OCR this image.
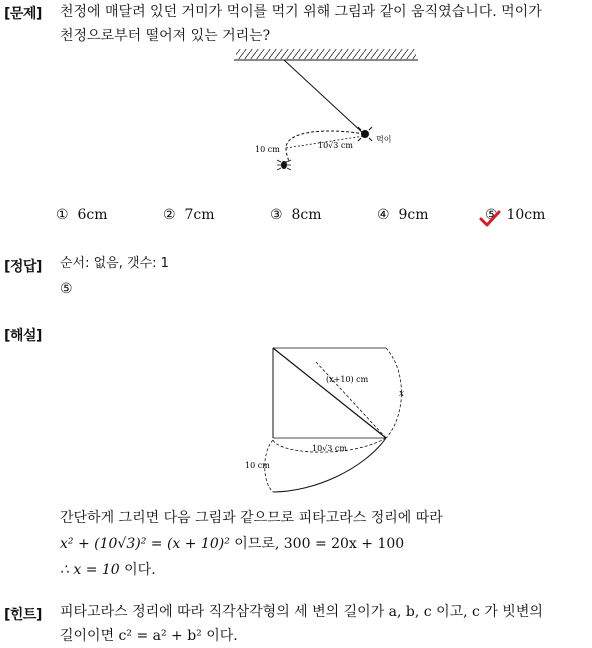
[문제] 천정에 매달려 있던 거미가 먹이를 먹기 위해 그림과 같이 움직였습니다. 먹이가
천정으로부터 떨어져 있는 거리는?
10√3 cm
10 cm
먹이
① 6cm	② 7cm	③ 8cm	④ 9cm	⑤ 10cm
[정답] 순서: 없음, 갯수: 1
⑤
[해설]
(x+10) cm
x
10√3 cm
10 cm
간단하게 그리면 다음 그림과 같으므로 피타고라스 정리에 따라
x² + (10√3)² = (x + 10)² 이므로, 300 = 20x + 100
∴ x = 10 이다.
[힌트] 피타고라스 정리에 따라 직각삼각형의 세 변의 길이가 a, b, c 이고, c 가 빗변의
길이이면 c² = a² + b² 이다.
